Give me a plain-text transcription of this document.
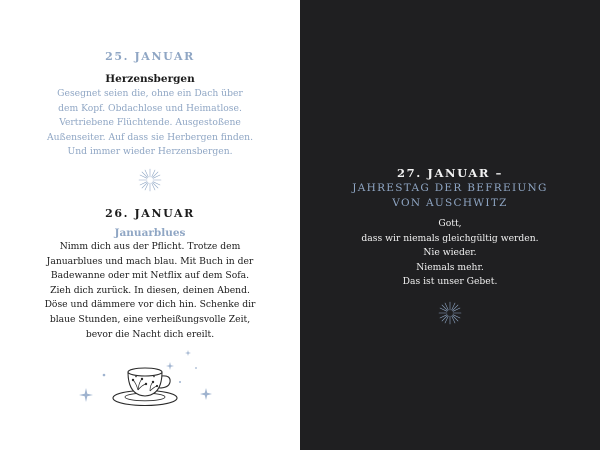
25. JANUAR
Herzensbergen
Gesegnet seien die, ohne ein Dach über
dem Kopf. Obdachlose und Heimatlose.
Vertriebene Flüchtende. Ausgestoßene
Außenseiter. Auf dass sie Herbergen finden.
Und immer wieder Herzensbergen.
26. JANUAR
Januarblues
Nimm dich aus der Pflicht. Trotze dem
Januarblues und mach blau. Mit Buch in der
Badewanne oder mit Netflix auf dem Sofa.
Zieh dich zurück. In diesen, deinen Abend.
Döse und dämmere vor dich hin. Schenke dir
blaue Stunden, eine verheißungsvolle Zeit,
bevor die Nacht dich ereilt.
27. JANUAR –
JAHRESTAG DER BEFREIUNG
VON AUSCHWITZ
Gott,
dass wir niemals gleichgültig werden.
Nie wieder.
Niemals mehr.
Das ist unser Gebet.
